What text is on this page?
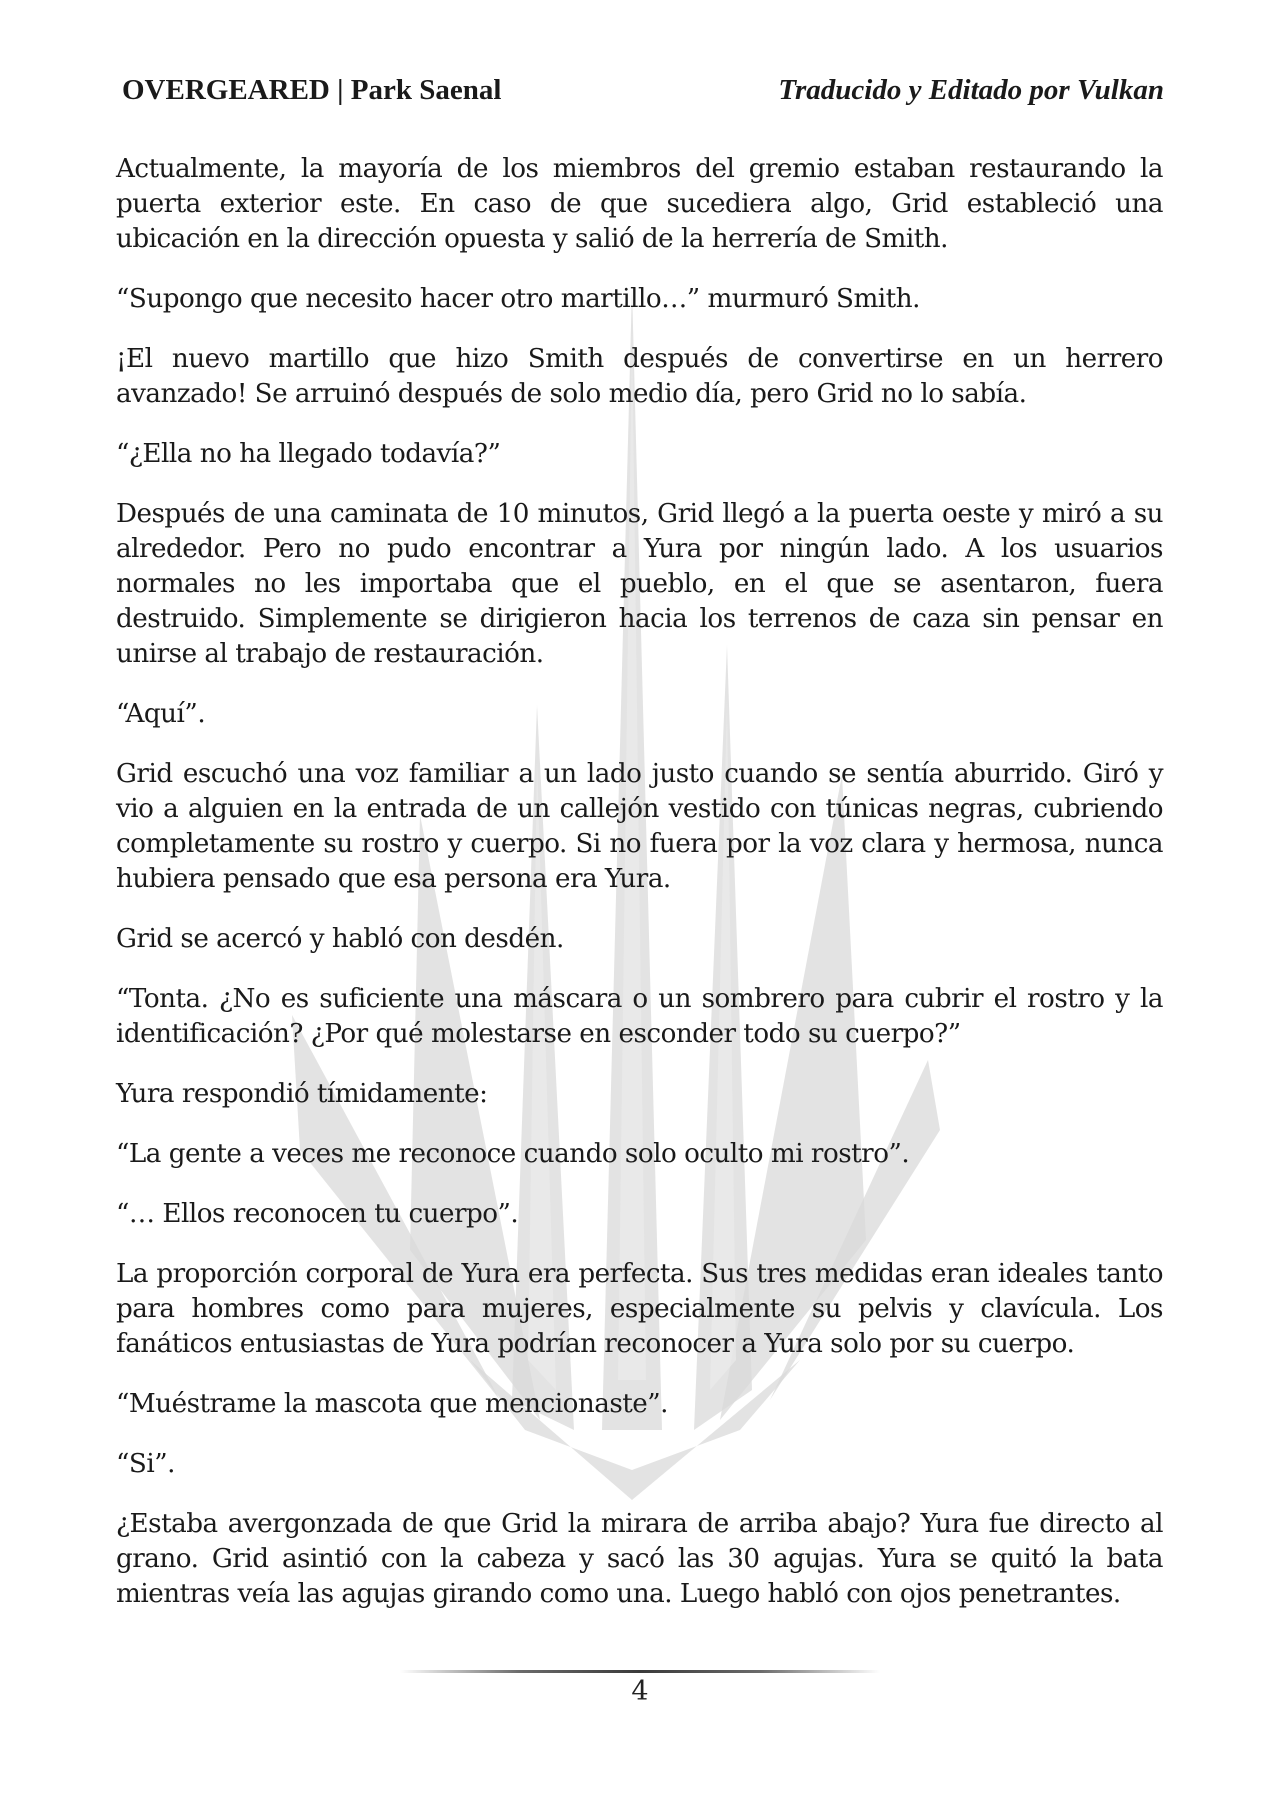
OVERGEARED | Park Saenal	Traducido y Editado por Vulkan

Actualmente, la mayoría de los miembros del gremio estaban restaurando la puerta exterior este. En caso de que sucediera algo, Grid estableció una ubicación en la dirección opuesta y salió de la herrería de Smith.

“Supongo que necesito hacer otro martillo…” murmuró Smith.

¡El nuevo martillo que hizo Smith después de convertirse en un herrero avanzado! Se arruinó después de solo medio día, pero Grid no lo sabía.

“¿Ella no ha llegado todavía?”

Después de una caminata de 10 minutos, Grid llegó a la puerta oeste y miró a su alrededor. Pero no pudo encontrar a Yura por ningún lado. A los usuarios normales no les importaba que el pueblo, en el que se asentaron, fuera destruido. Simplemente se dirigieron hacia los terrenos de caza sin pensar en unirse al trabajo de restauración.

“Aquí”.

Grid escuchó una voz familiar a un lado justo cuando se sentía aburrido. Giró y vio a alguien en la entrada de un callejón vestido con túnicas negras, cubriendo completamente su rostro y cuerpo. Si no fuera por la voz clara y hermosa, nunca hubiera pensado que esa persona era Yura.

Grid se acercó y habló con desdén.

“Tonta. ¿No es suficiente una máscara o un sombrero para cubrir el rostro y la identificación? ¿Por qué molestarse en esconder todo su cuerpo?”

Yura respondió tímidamente:

“La gente a veces me reconoce cuando solo oculto mi rostro”.

“… Ellos reconocen tu cuerpo”.

La proporción corporal de Yura era perfecta. Sus tres medidas eran ideales tanto para hombres como para mujeres, especialmente su pelvis y clavícula. Los fanáticos entusiastas de Yura podrían reconocer a Yura solo por su cuerpo.

“Muéstrame la mascota que mencionaste”.

“Si”.

¿Estaba avergonzada de que Grid la mirara de arriba abajo? Yura fue directo al grano. Grid asintió con la cabeza y sacó las 30 agujas. Yura se quitó la bata mientras veía las agujas girando como una. Luego habló con ojos penetrantes.

4
